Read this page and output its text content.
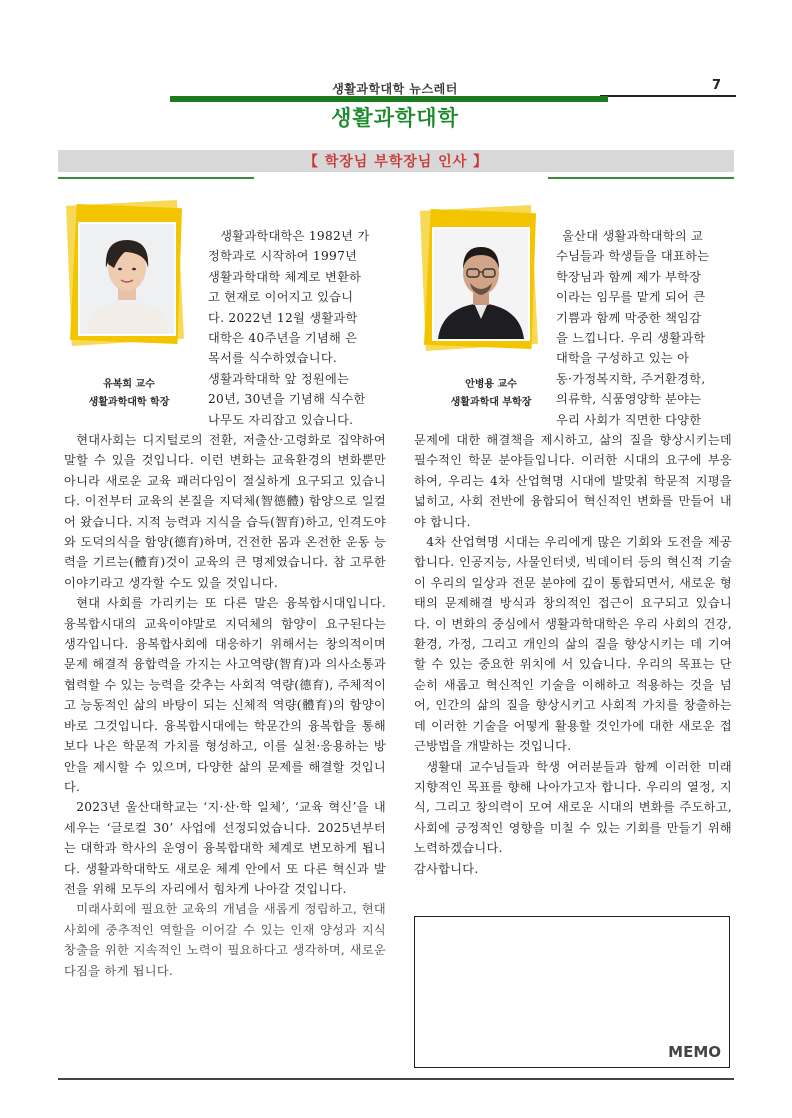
생활과학대학 뉴스레터	7
생활과학대학
【 학장님 부학장님 인사 】
유복희 교수
생활과학대학 학장
생활과학대학은 1982년 가
정학과로 시작하여 1997년
생활과학대학 체계로 변환하
고 현재로 이어지고 있습니
다. 2022년 12월 생활과학
대학은 40주년을 기념해 은
목서를 식수하였습니다.
생활과학대학 앞 정원에는
20년, 30년을 기념해 식수한
나무도 자리잡고 있습니다.

현대사회는 디지털로의 전환, 저출산·고령화로 집약하여 말할 수 있을 것입니다. 이런 변화는 교육환경의 변화뿐만 아니라 새로운 교육 패러다임이 절실하게 요구되고 있습니다. 이전부터 교육의 본질을 지덕체(智德體) 함양으로 일컬어 왔습니다. 지적 능력과 지식을 습득(智育)하고, 인격도야와 도덕의식을 함양(德育)하며, 건전한 몸과 온전한 운동 능력을 기르는(體育)것이 교육의 큰 명제였습니다. 참 고루한 이야기라고 생각할 수도 있을 것입니다.

현대 사회를 가리키는 또 다른 말은 융복합시대입니다. 융복합시대의 교육이야말로 지덕체의 함양이 요구된다는 생각입니다. 융복합사회에 대응하기 위해서는 창의적이며 문제 해결적 융합력을 가지는 사고역량(智育)과 의사소통과 협력할 수 있는 능력을 갖추는 사회적 역량(德育), 주체적이고 능동적인 삶의 바탕이 되는 신체적 역량(體育)의 함양이 바로 그것입니다. 융복합시대에는 학문간의 융복합을 통해 보다 나은 학문적 가치를 형성하고, 이를 실천·응용하는 방안을 제시할 수 있으며, 다양한 삶의 문제를 해결할 것입니다.

2023년 울산대학교는 ‘지·산·학 일체’, ‘교육 혁신’을 내세우는 ‘글로컬 30’ 사업에 선정되었습니다. 2025년부터는 대학과 학사의 운영이 융복합대학 체계로 변모하게 됩니다. 생활과학대학도 새로운 체계 안에서 또 다른 혁신과 발전을 위해 모두의 자리에서 힘차게 나아갈 것입니다.

미래사회에 필요한 교육의 개념을 새롭게 정립하고, 현대 사회에 중추적인 역할을 이어갈 수 있는 인재 양성과 지식 창출을 위한 지속적인 노력이 필요하다고 생각하며, 새로운 다짐을 하게 됩니다.

안병용 교수
생활과학대 부학장
울산대 생활과학대학의 교
수님들과 학생들을 대표하는
학장님과 함께 제가 부학장
이라는 임무를 맡게 되어 큰
기쁨과 함께 막중한 책임감
을 느낍니다. 우리 생활과학
대학을 구성하고 있는 아
동·가정복지학, 주거환경학,
의류학, 식품영양학 분야는
우리 사회가 직면한 다양한

문제에 대한 해결책을 제시하고, 삶의 질을 향상시키는데 필수적인 학문 분야들입니다. 이러한 시대의 요구에 부응하여, 우리는 4차 산업혁명 시대에 발맞춰 학문적 지평을 넓히고, 사회 전반에 융합되어 혁신적인 변화를 만들어 내야 합니다.

4차 산업혁명 시대는 우리에게 많은 기회와 도전을 제공합니다. 인공지능, 사물인터넷, 빅데이터 등의 혁신적 기술이 우리의 일상과 전문 분야에 깊이 통합되면서, 새로운 형태의 문제해결 방식과 창의적인 접근이 요구되고 있습니다. 이 변화의 중심에서 생활과학대학은 우리 사회의 건강, 환경, 가정, 그리고 개인의 삶의 질을 향상시키는 데 기여할 수 있는 중요한 위치에 서 있습니다. 우리의 목표는 단순히 새롭고 혁신적인 기술을 이해하고 적용하는 것을 넘어, 인간의 삶의 질을 향상시키고 사회적 가치를 창출하는 데 이러한 기술을 어떻게 활용할 것인가에 대한 새로운 접근방법을 개발하는 것입니다.

생활대 교수님들과 학생 여러분들과 함께 이러한 미래 지향적인 목표를 향해 나아가고자 합니다. 우리의 열정, 지식, 그리고 창의력이 모여 새로운 시대의 변화를 주도하고, 사회에 긍정적인 영향을 미칠 수 있는 기회를 만들기 위해 노력하겠습니다.

감사합니다.

MEMO
